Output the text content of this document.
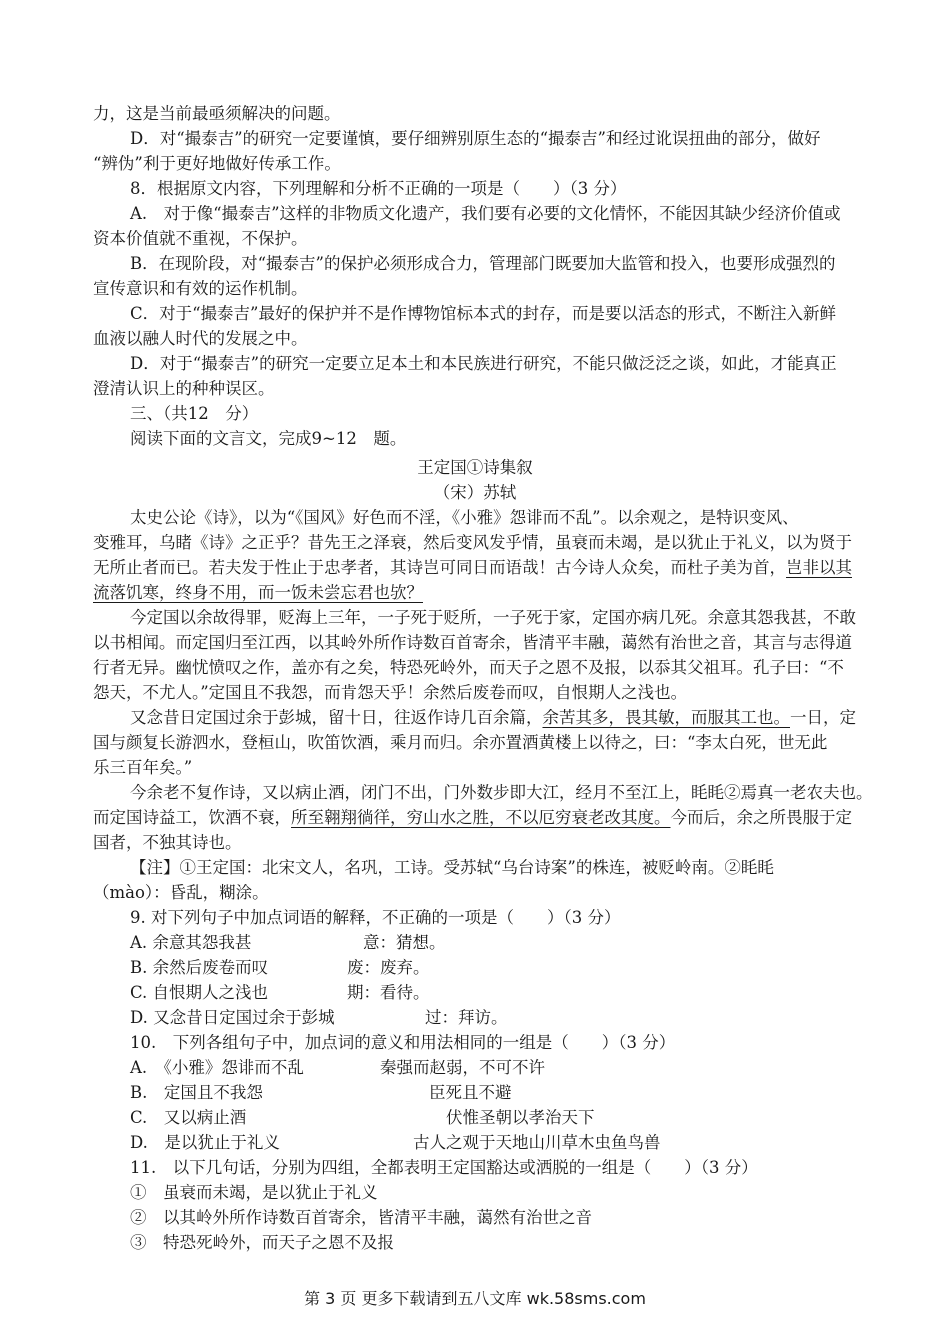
力，这是当前最亟须解决的问题。
D．对“撮泰吉”的研究一定要谨慎，要仔细辨别原生态的“撮泰吉”和经过讹误扭曲的部分，做好
“辨伪”利于更好地做好传承工作。
8．根据原文内容，下列理解和分析不正确的一项是（　　）（3 分）
A.　对于像“撮泰吉”这样的非物质文化遗产，我们要有必要的文化情怀，不能因其缺少经济价值或
资本价值就不重视，不保护。
B．在现阶段，对“撮泰吉”的保护必须形成合力，管理部门既要加大监管和投入，也要形成强烈的
宣传意识和有效的运作机制。
C．对于“撮泰吉”最好的保护并不是作博物馆标本式的封存，而是要以活态的形式，不断注入新鲜
血液以融人时代的发展之中。
D．对于“撮泰吉”的研究一定要立足本土和本民族进行研究，不能只做泛泛之谈，如此，才能真正
澄清认识上的种种误区。
三、（共12　分）
阅读下面的文言文，完成9~12　题。
王定国①诗集叙
（宋）苏轼
太史公论《诗》，以为“《国风》好色而不淫，《小雅》怨诽而不乱”。以余观之，是特识变风、
变雅耳，乌睹《诗》之正乎？昔先王之泽衰，然后变风发乎情，虽衰而未竭，是以犹止于礼义，以为贤于
无所止者而已。若夫发于性止于忠孝者，其诗岂可同日而语哉！古今诗人众矣，而杜子美为首，岂非以其
流落饥寒，终身不用，而一饭未尝忘君也欤？
今定国以余故得罪，贬海上三年，一子死于贬所，一子死于家，定国亦病几死。余意其怨我甚，不敢
以书相闻。而定国归至江西，以其岭外所作诗数百首寄余，皆清平丰融，蔼然有治世之音，其言与志得道
行者无异。幽忧愤叹之作，盖亦有之矣，特恐死岭外，而天子之恩不及报，以忝其父祖耳。孔子曰：“不
怨天，不尤人。”定国且不我怨，而肯怨天乎！余然后废卷而叹，自恨期人之浅也。
又念昔日定国过余于彭城，留十日，往返作诗几百余篇，余苦其多，畏其敏，而服其工也。一日，定
国与颜复长游泗水，登桓山，吹笛饮酒，乘月而归。余亦置酒黄楼上以待之，曰：“李太白死，世无此
乐三百年矣。”
今余老不复作诗，又以病止酒，闭门不出，门外数步即大江，经月不至江上，眊眊②焉真一老农夫也。
而定国诗益工，饮酒不衰，所至翱翔徜徉，穷山水之胜，不以厄穷衰老改其度。今而后，余之所畏服于定
国者，不独其诗也。
【注】①王定国：北宋文人，名巩，工诗。受苏轼“乌台诗案”的株连，被贬岭南。②眊眊
（mào）：昏乱，糊涂。
9. 对下列句子中加点词语的解释，不正确的一项是（　　）（3 分）
A. 余意其怨我甚	意：猜想。
B. 余然后废卷而叹	废：废弃。
C. 自恨期人之浅也	期：看待。
D. 又念昔日定国过余于彭城	过：拜访。
10.　下列各组句子中，加点词的意义和用法相同的一组是（　　）（3 分）
A.　《小雅》怨诽而不乱	秦强而赵弱，不可不许
B.　定国且不我怨	臣死且不避
C.　又以病止酒	伏惟圣朝以孝治天下
D.　是以犹止于礼义	古人之观于天地山川草木虫鱼鸟兽
11.　以下几句话，分别为四组，全都表明王定国豁达或洒脱的一组是（　　）（3 分）
①　虽衰而未竭，是以犹止于礼义
②　以其岭外所作诗数百首寄余，皆清平丰融，蔼然有治世之音
③　特恐死岭外，而天子之恩不及报
第 3 页 更多下载请到五八文库 wk.58sms.com
